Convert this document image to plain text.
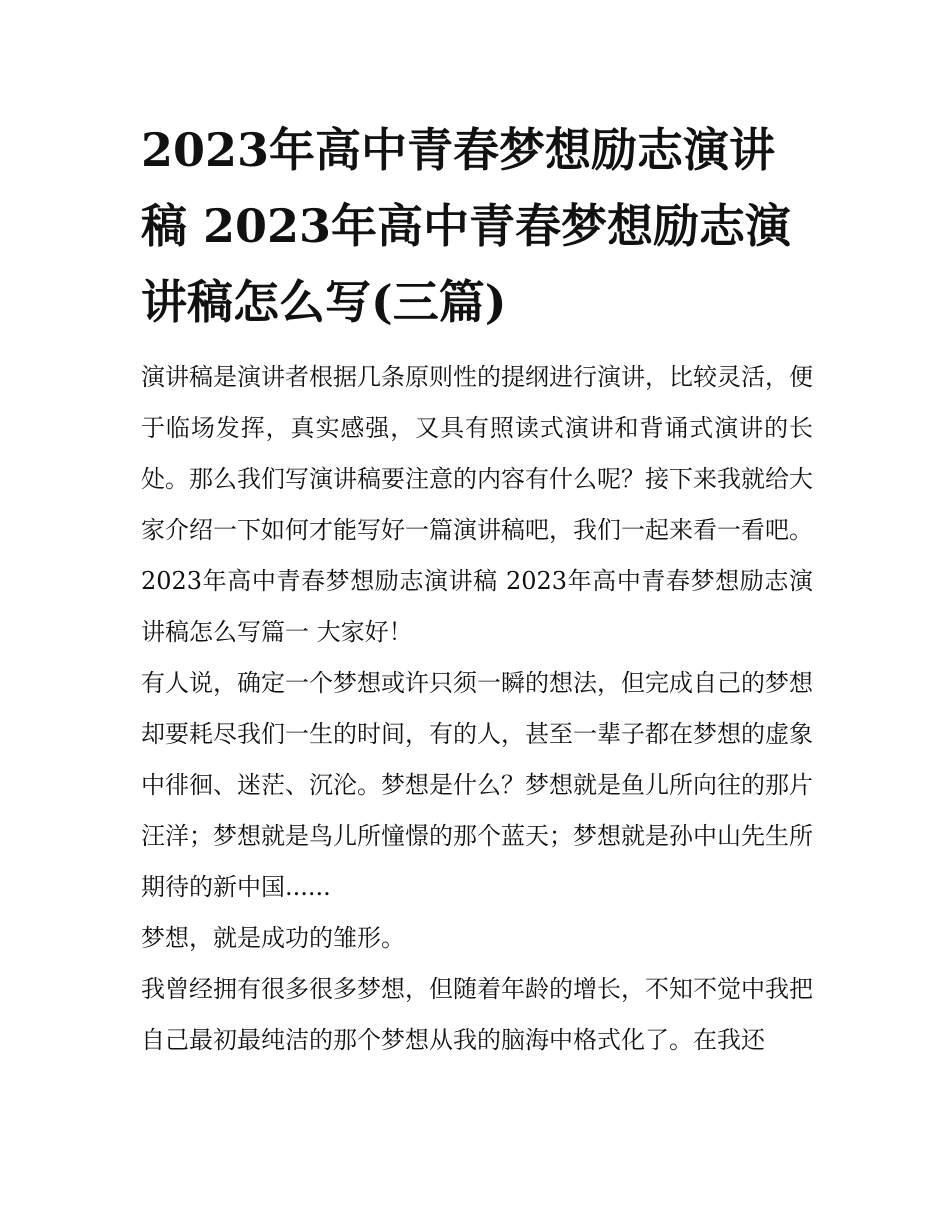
2023年高中青春梦想励志演讲稿 2023年高中青春梦想励志演讲稿怎么写(三篇)

演讲稿是演讲者根据几条原则性的提纲进行演讲，比较灵活，便于临场发挥，真实感强，又具有照读式演讲和背诵式演讲的长处。那么我们写演讲稿要注意的内容有什么呢？接下来我就给大家介绍一下如何才能写好一篇演讲稿吧，我们一起来看一看吧。

2023年高中青春梦想励志演讲稿 2023年高中青春梦想励志演讲稿怎么写篇一 大家好！

有人说，确定一个梦想或许只须一瞬的想法，但完成自己的梦想却要耗尽我们一生的时间，有的人，甚至一辈子都在梦想的虚象中徘徊、迷茫、沉沦。梦想是什么？梦想就是鱼儿所向往的那片汪洋；梦想就是鸟儿所憧憬的那个蓝天；梦想就是孙中山先生所期待的新中国......

梦想，就是成功的雏形。

我曾经拥有很多很多梦想，但随着年龄的增长，不知不觉中我把自己最初最纯洁的那个梦想从我的脑海中格式化了。在我还
